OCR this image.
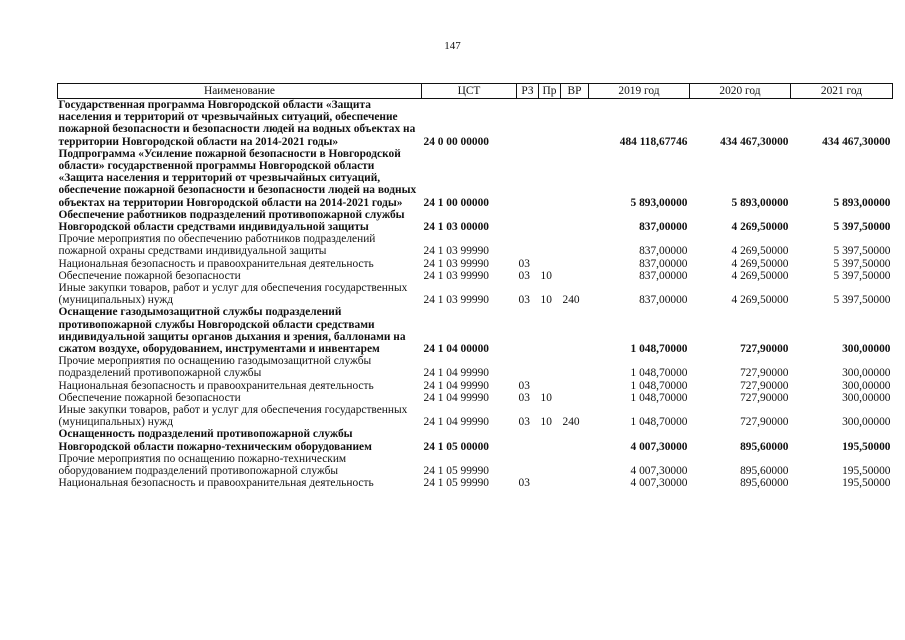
147
Наименование	ЦСТ	РЗ	Пр	ВР	2019 год	2020 год	2021 год
Государственная программа Новгородской области «Защита населения и территорий от чрезвычайных ситуаций, обеспечение пожарной безопасности и безопасности людей на водных объектах на территории Новгородской области на 2014-2021 годы»	24 0 00 00000				484 118,67746	434 467,30000	434 467,30000
Подпрограмма «Усиление пожарной безопасности в Новгородской области» государственной программы Новгородской области «Защита населения и территорий от чрезвычайных ситуаций, обеспечение пожарной безопасности и безопасности людей на водных объектах на территории Новгородской области на 2014-2021 годы»	24 1 00 00000				5 893,00000	5 893,00000	5 893,00000
Обеспечение работников подразделений противопожарной службы Новгородской области средствами индивидуальной защиты	24 1 03 00000				837,00000	4 269,50000	5 397,50000
Прочие мероприятия по обеспечению работников подразделений пожарной охраны средствами индивидуальной защиты	24 1 03 99990				837,00000	4 269,50000	5 397,50000
Национальная безопасность и правоохранительная деятельность	24 1 03 99990	03			837,00000	4 269,50000	5 397,50000
Обеспечение пожарной безопасности	24 1 03 99990	03	10		837,00000	4 269,50000	5 397,50000
Иные закупки товаров, работ и услуг для обеспечения государственных (муниципальных) нужд	24 1 03 99990	03	10	240	837,00000	4 269,50000	5 397,50000
Оснащение газодымозащитной службы подразделений противопожарной службы Новгородской области средствами индивидуальной защиты органов дыхания и зрения, баллонами на сжатом воздухе, оборудованием, инструментами и инвентарем	24 1 04 00000				1 048,70000	727,90000	300,00000
Прочие мероприятия по оснащению газодымозащитной службы подразделений противопожарной службы	24 1 04 99990				1 048,70000	727,90000	300,00000
Национальная безопасность и правоохранительная деятельность	24 1 04 99990	03			1 048,70000	727,90000	300,00000
Обеспечение пожарной безопасности	24 1 04 99990	03	10		1 048,70000	727,90000	300,00000
Иные закупки товаров, работ и услуг для обеспечения государственных (муниципальных) нужд	24 1 04 99990	03	10	240	1 048,70000	727,90000	300,00000
Оснащенность подразделений противопожарной службы Новгородской области пожарно-техническим оборудованием	24 1 05 00000				4 007,30000	895,60000	195,50000
Прочие мероприятия по оснащению пожарно-техническим оборудованием подразделений противопожарной службы	24 1 05 99990				4 007,30000	895,60000	195,50000
Национальная безопасность и правоохранительная деятельность	24 1 05 99990	03			4 007,30000	895,60000	195,50000
